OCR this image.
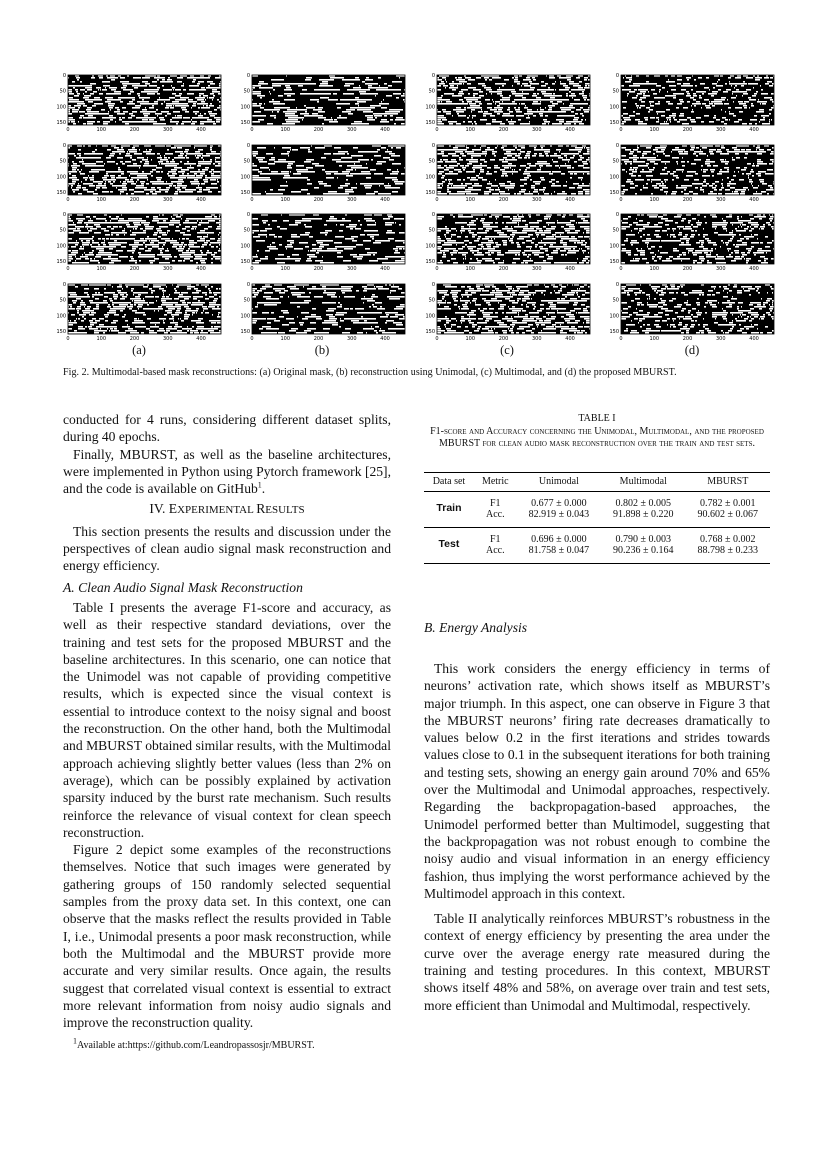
0
50
100
150
0	100	200	300	400
0
50
100
150
0	100	200	300	400
0
50
100
150
0	100	200	300	400
0
50
100
150
0	100	200	300	400
0
50
100
150
0	100	200	300	400
0
50
100
150
0	100	200	300	400
0
50
100
150
0	100	200	300	400
0
50
100
150
0	100	200	300	400
0
50
100
150
0	100	200	300	400
0
50
100
150
0	100	200	300	400
0
50
100
150
0	100	200	300	400
0
50
100
150
0	100	200	300	400
0
50
100
150
0	100	200	300	400
0
50
100
150
0	100	200	300	400
0
50
100
150
0	100	200	300	400
0
50
100
150
0	100	200	300	400
(a)	(b)	(c)	(d)
Fig. 2. Multimodal-based mask reconstructions: (a) Original mask, (b) reconstruction using Unimodal, (c) Multimodal, and (d) the proposed MBURST.

conducted for 4 runs, considering different dataset splits, during 40 epochs.

Finally, MBURST, as well as the baseline architectures, were implemented in Python using Pytorch framework [25], and the code is available on GitHub$^1$.

IV. EXPERIMENTAL RESULTS

This section presents the results and discussion under the perspectives of clean audio signal mask reconstruction and energy efficiency.

A. Clean Audio Signal Mask Reconstruction

Table I presents the average F1-score and accuracy, as well as their respective standard deviations, over the training and test sets for the proposed MBURST and the baseline architectures. In this scenario, one can notice that the Unimodel was not capable of providing competitive results, which is expected since the visual context is essential to introduce context to the noisy signal and boost the reconstruction. On the other hand, both the Multimodal and MBURST obtained similar results, with the Multimodal approach achieving slightly better values (less than 2% on average), which can be possibly explained by activation sparsity induced by the burst rate mechanism. Such results reinforce the relevance of visual context for clean speech reconstruction.

Figure 2 depict some examples of the reconstructions themselves. Notice that such images were generated by gathering groups of 150 randomly selected sequential samples from the proxy data set. In this context, one can observe that the masks reflect the results provided in Table I, i.e., Unimodal presents a poor mask reconstruction, while both the Multimodal and the MBURST provide more accurate and very similar results. Once again, the results suggest that correlated visual context is essential to extract more relevant information from noisy audio signals and improve the reconstruction quality.

$^1$Available at:https://github.com/Leandropassosjr/MBURST.
TABLE I
F1-score and Accuracy concerning the Unimodal, Multimodal, and the proposed MBURST for clean audio mask reconstruction over the train and test sets.
Data set	Metric	Unimodal	Multimodal	MBURST
Train	F1	0.677 ± 0.000	0.802 ± 0.005	0.782 ± 0.001
	Acc.	82.919 ± 0.043	91.898 ± 0.220	90.602 ± 0.067
Test	F1	0.696 ± 0.000	0.790 ± 0.003	0.768 ± 0.002
	Acc.	81.758 ± 0.047	90.236 ± 0.164	88.798 ± 0.233
B. Energy Analysis

This work considers the energy efficiency in terms of neurons’ activation rate, which shows itself as MBURST’s major triumph. In this aspect, one can observe in Figure 3 that the MBURST neurons’ firing rate decreases dramatically to values below 0.2 in the first iterations and strides towards values close to 0.1 in the subsequent iterations for both training and testing sets, showing an energy gain around 70% and 65% over the Multimodal and Unimodal approaches, respectively. Regarding the backpropagation-based approaches, the Unimodel performed better than Multimodel, suggesting that the backpropagation was not robust enough to combine the noisy audio and visual information in an energy efficiency fashion, thus implying the worst performance achieved by the Multimodel approach in this context.

Table II analytically reinforces MBURST’s robustness in the context of energy efficiency by presenting the area under the curve over the average energy rate measured during the training and testing procedures. In this context, MBURST shows itself 48% and 58%, on average over train and test sets, more efficient than Unimodal and Multimodal, respectively.
